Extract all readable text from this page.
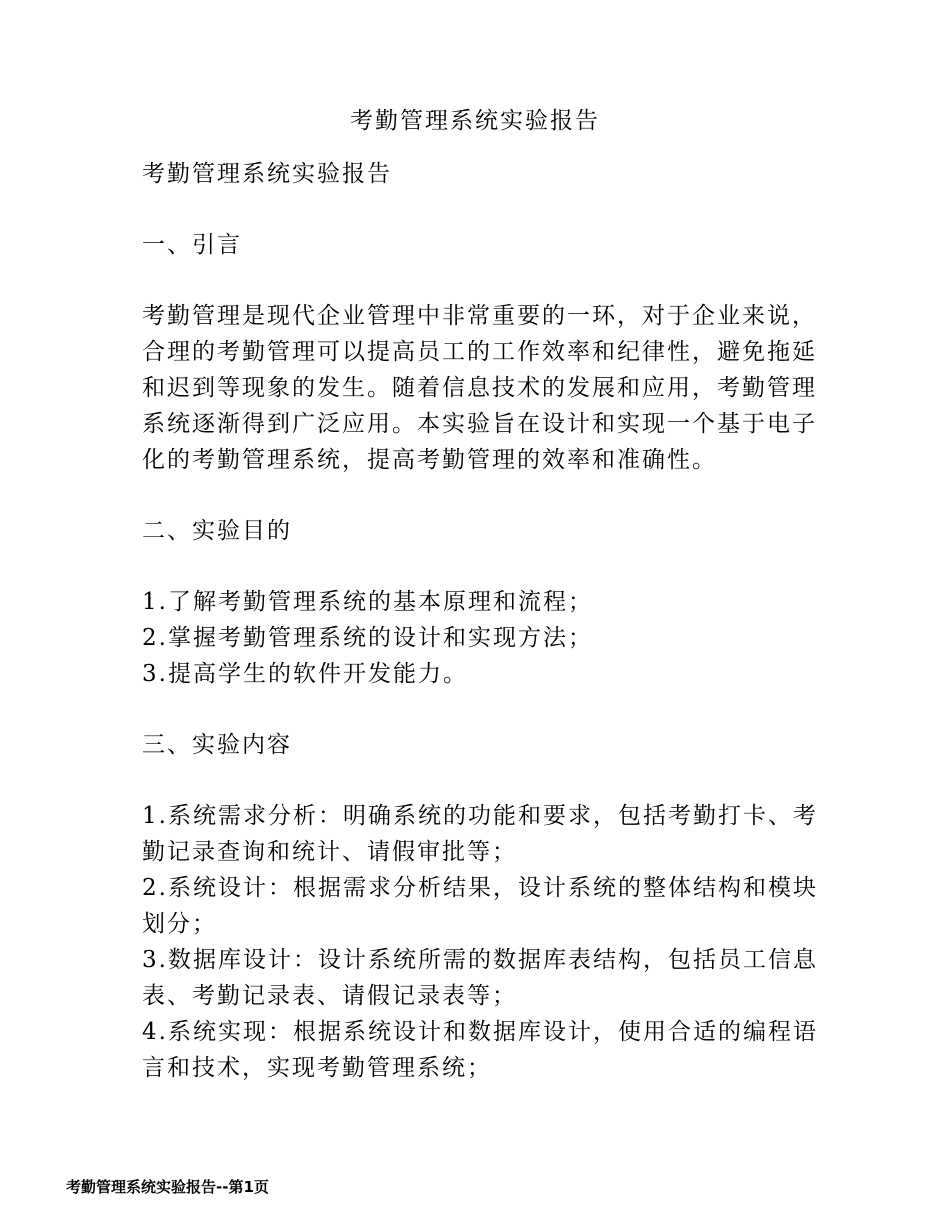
考勤管理系统实验报告
考勤管理系统实验报告
一、引言
考勤管理是现代企业管理中非常重要的一环，对于企业来说，
合理的考勤管理可以提高员工的工作效率和纪律性，避免拖延
和迟到等现象的发生。随着信息技术的发展和应用，考勤管理
系统逐渐得到广泛应用。本实验旨在设计和实现一个基于电子
化的考勤管理系统，提高考勤管理的效率和准确性。
二、实验目的
1.了解考勤管理系统的基本原理和流程；
2.掌握考勤管理系统的设计和实现方法；
3.提高学生的软件开发能力。
三、实验内容
1.系统需求分析：明确系统的功能和要求，包括考勤打卡、考
勤记录查询和统计、请假审批等；
2.系统设计：根据需求分析结果，设计系统的整体结构和模块
划分；
3.数据库设计：设计系统所需的数据库表结构，包括员工信息
表、考勤记录表、请假记录表等；
4.系统实现：根据系统设计和数据库设计，使用合适的编程语
言和技术，实现考勤管理系统；
考勤管理系统实验报告--第1页
